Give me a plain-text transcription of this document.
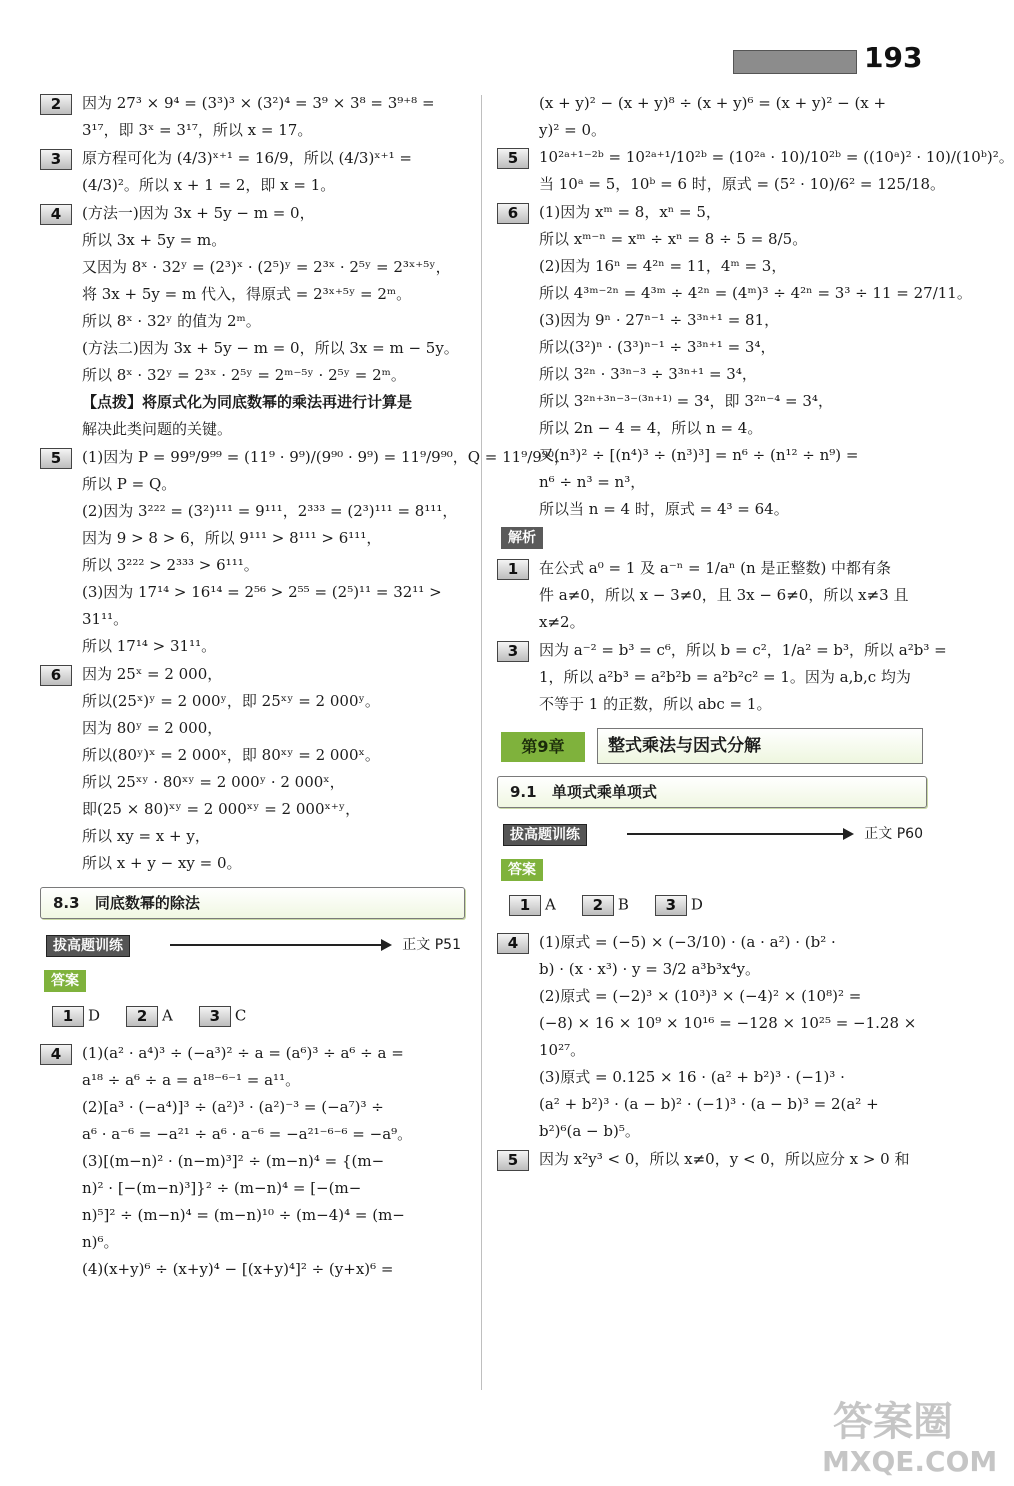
193
2	因为 27³ × 9⁴ = (3³)³ × (3²)⁴ = 3⁹ × 3⁸ = 3⁹⁺⁸ =
3¹⁷，即 3ˣ = 3¹⁷，所以 x = 17。
3	原方程可化为 (4/3)ˣ⁺¹ = 16/9，所以 (4/3)ˣ⁺¹ =
(4/3)²。所以 x + 1 = 2，即 x = 1。
4	(方法一)因为 3x + 5y − m = 0，
所以 3x + 5y = m。
又因为 8ˣ · 32ʸ = (2³)ˣ · (2⁵)ʸ = 2³ˣ · 2⁵ʸ = 2³ˣ⁺⁵ʸ，
将 3x + 5y = m 代入，得原式 = 2³ˣ⁺⁵ʸ = 2ᵐ。
所以 8ˣ · 32ʸ 的值为 2ᵐ。
(方法二)因为 3x + 5y − m = 0，所以 3x = m − 5y。
所以 8ˣ · 32ʸ = 2³ˣ · 2⁵ʸ = 2ᵐ⁻⁵ʸ · 2⁵ʸ = 2ᵐ。
【点拨】将原式化为同底数幂的乘法再进行计算是
解决此类问题的关键。
5	(1)因为 P = 99⁹/9⁹⁹ = (11⁹ · 9⁹)/(9⁹⁰ · 9⁹) = 11⁹/9⁹⁰，Q = 11⁹/9⁹⁰，
所以 P = Q。
(2)因为 3²²² = (3²)¹¹¹ = 9¹¹¹，2³³³ = (2³)¹¹¹ = 8¹¹¹，
因为 9 > 8 > 6，所以 9¹¹¹ > 8¹¹¹ > 6¹¹¹，
所以 3²²² > 2³³³ > 6¹¹¹。
(3)因为 17¹⁴ > 16¹⁴ = 2⁵⁶ > 2⁵⁵ = (2⁵)¹¹ = 32¹¹ >
31¹¹。
所以 17¹⁴ > 31¹¹。
6	因为 25ˣ = 2 000，
所以(25ˣ)ʸ = 2 000ʸ，即 25ˣʸ = 2 000ʸ。
因为 80ʸ = 2 000，
所以(80ʸ)ˣ = 2 000ˣ，即 80ˣʸ = 2 000ˣ。
所以 25ˣʸ · 80ˣʸ = 2 000ʸ · 2 000ˣ，
即(25 × 80)ˣʸ = 2 000ˣʸ = 2 000ˣ⁺ʸ，
所以 xy = x + y，
所以 x + y − xy = 0。
8.3 同底数幂的除法
拔高题训练	正文 P51
答案
1 D 2 A 3 C
4	(1)(a² · a⁴)³ ÷ (−a³)² ÷ a = (a⁶)³ ÷ a⁶ ÷ a =
a¹⁸ ÷ a⁶ ÷ a = a¹⁸⁻⁶⁻¹ = a¹¹。
(2)[a³ · (−a⁴)]³ ÷ (a²)³ · (a²)⁻³ = (−a⁷)³ ÷
a⁶ · a⁻⁶ = −a²¹ ÷ a⁶ · a⁻⁶ = −a²¹⁻⁶⁻⁶ = −a⁹。
(3)[(m−n)² · (n−m)³]² ÷ (m−n)⁴ = {(m−
n)² · [−(m−n)³]}² ÷ (m−n)⁴ = [−(m−
n)⁵]² ÷ (m−n)⁴ = (m−n)¹⁰ ÷ (m−4)⁴ = (m−
n)⁶。
(4)(x+y)⁶ ÷ (x+y)⁴ − [(x+y)⁴]² ÷ (y+x)⁶ =
(x + y)² − (x + y)⁸ ÷ (x + y)⁶ = (x + y)² − (x +
y)² = 0。
5	10²ᵃ⁺¹⁻²ᵇ = 10²ᵃ⁺¹/10²ᵇ = (10²ᵃ · 10)/10²ᵇ = ((10ᵃ)² · 10)/(10ᵇ)²。
当 10ᵃ = 5，10ᵇ = 6 时，原式 = (5² · 10)/6² = 125/18。
6	(1)因为 xᵐ = 8，xⁿ = 5，
所以 xᵐ⁻ⁿ = xᵐ ÷ xⁿ = 8 ÷ 5 = 8/5。
(2)因为 16ⁿ = 4²ⁿ = 11，4ᵐ = 3，
所以 4³ᵐ⁻²ⁿ = 4³ᵐ ÷ 4²ⁿ = (4ᵐ)³ ÷ 4²ⁿ = 3³ ÷ 11 = 27/11。
(3)因为 9ⁿ · 27ⁿ⁻¹ ÷ 3³ⁿ⁺¹ = 81，
所以(3²)ⁿ · (3³)ⁿ⁻¹ ÷ 3³ⁿ⁺¹ = 3⁴，
所以 3²ⁿ · 3³ⁿ⁻³ ÷ 3³ⁿ⁺¹ = 3⁴，
所以 3²ⁿ⁺³ⁿ⁻³⁻⁽³ⁿ⁺¹⁾ = 3⁴，即 3²ⁿ⁻⁴ = 3⁴，
所以 2n − 4 = 4，所以 n = 4。
又(n³)² ÷ [(n⁴)³ ÷ (n³)³] = n⁶ ÷ (n¹² ÷ n⁹) =
n⁶ ÷ n³ = n³，
所以当 n = 4 时，原式 = 4³ = 64。
解析
1	在公式 a⁰ = 1 及 a⁻ⁿ = 1/aⁿ (n 是正整数) 中都有条
件 a≠0，所以 x − 3≠0，且 3x − 6≠0，所以 x≠3 且
x≠2。
3	因为 a⁻² = b³ = c⁶，所以 b = c²，1/a² = b³，所以 a²b³ =
1，所以 a²b³ = a²b²b = a²b²c² = 1。因为 a,b,c 均为
不等于 1 的正数，所以 abc = 1。
第9章	整式乘法与因式分解
9.1 单项式乘单项式
拔高题训练	正文 P60
答案
1 A 2 B 3 D
4	(1)原式 = (−5) × (−3/10) · (a · a²) · (b² ·
b) · (x · x³) · y = 3/2 a³b³x⁴y。
(2)原式 = (−2)³ × (10³)³ × (−4)² × (10⁸)² =
(−8) × 16 × 10⁹ × 10¹⁶ = −128 × 10²⁵ = −1.28 ×
10²⁷。
(3)原式 = 0.125 × 16 · (a² + b²)³ · (−1)³ ·
(a² + b²)³ · (a − b)² · (−1)³ · (a − b)³ = 2(a² +
b²)⁶(a − b)⁵。
5	因为 x²y³ < 0，所以 x≠0，y < 0，所以应分 x > 0 和
答案圈
MXQE.COM
